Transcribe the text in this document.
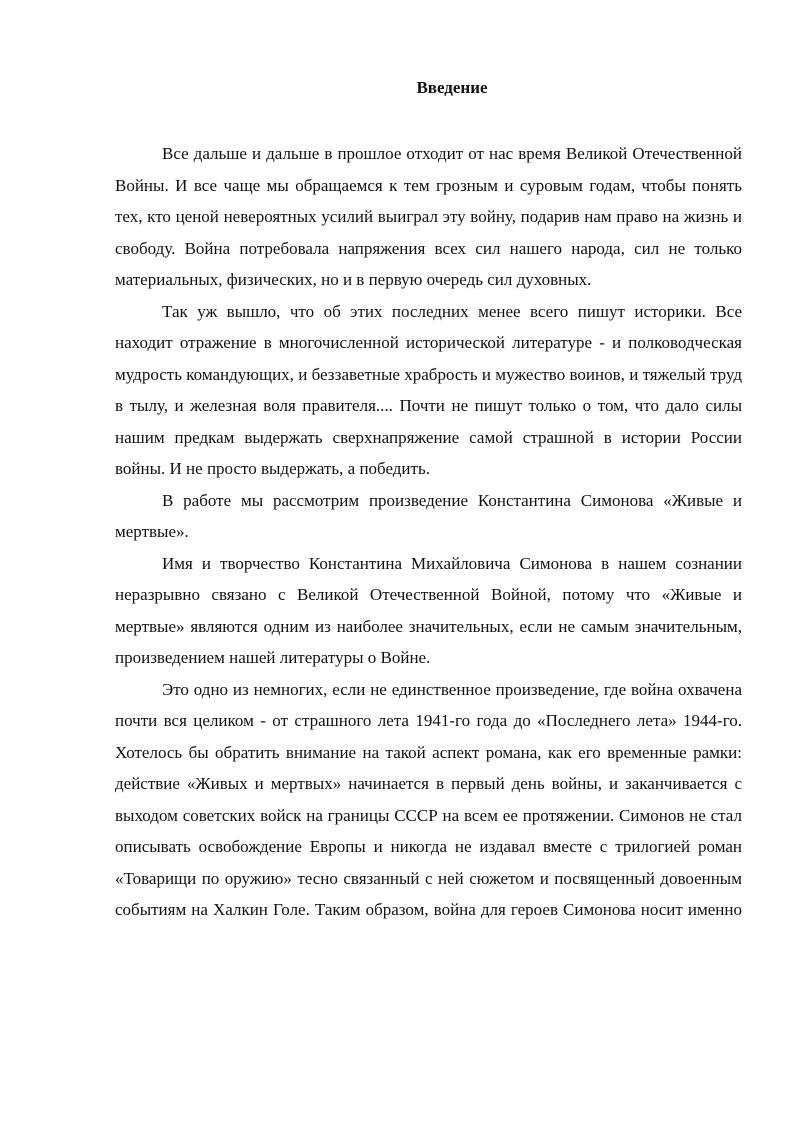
Введение

Все дальше и дальше в прошлое отходит от нас время Великой Отечественной Войны. И все чаще мы обращаемся к тем грозным и суровым годам, чтобы понять тех, кто ценой невероятных усилий выиграл эту войну, подарив нам право на жизнь и свободу. Война потребовала напряжения всех сил нашего народа, сил не только материальных, физических, но и в первую очередь сил духовных.

Так уж вышло, что об этих последних менее всего пишут историки. Все находит отражение в многочисленной исторической литературе - и полководческая мудрость командующих, и беззаветные храбрость и мужество воинов, и тяжелый труд в тылу, и железная воля правителя.... Почти не пишут только о том, что дало силы нашим предкам выдержать сверхнапряжение самой страшной в истории России войны. И не просто выдержать, а победить.

В работе мы рассмотрим произведение Константина Симонова «Живые и мертвые».

Имя и творчество Константина Михайловича Симонова в нашем сознании неразрывно связано с Великой Отечественной Войной, потому что «Живые и мертвые» являются одним из наиболее значительных, если не самым значительным, произведением нашей литературы о Войне.

Это одно из немногих, если не единственное произведение, где война охвачена почти вся целиком - от страшного лета 1941-го года до «Последнего лета» 1944-го. Хотелось бы обратить внимание на такой аспект романа, как его временные рамки: действие «Живых и мертвых» начинается в первый день войны, и заканчивается с выходом советских войск на границы СССР на всем ее протяжении. Симонов не стал описывать освобождение Европы и никогда не издавал вместе с трилогией роман «Товарищи по оружию» тесно связанный с ней сюжетом и посвященный довоенным событиям на Халкин Голе. Таким образом, война для героев Симонова носит именно
